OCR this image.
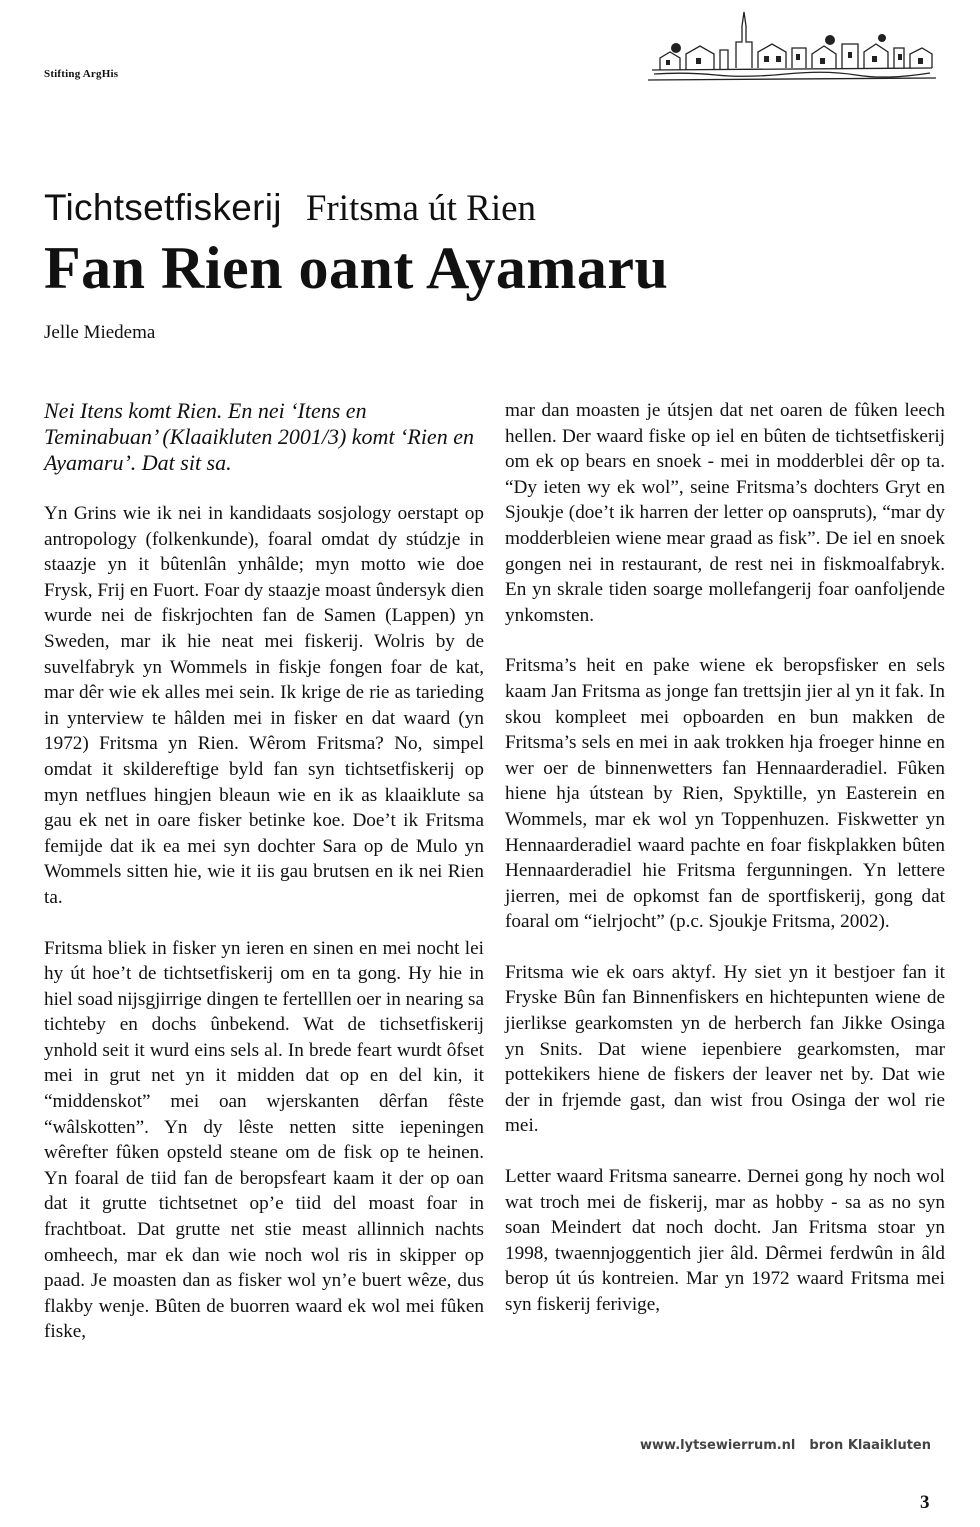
Stifting ArgHis
Tichtsetfiskerij Fritsma út Rien
Fan Rien oant Ayamaru
Jelle Miedema

Nei Itens komt Rien. En nei ‘Itens en Teminabuan’ (Klaaikluten 2001/3) komt ‘Rien en Ayamaru’. Dat sit sa.

Yn Grins wie ik nei in kandidaats sosjology oerstapt op antropology (folkenkunde), foaral omdat dy stúdzje in staazje yn it bûtenlân ynhâlde; myn motto wie doe Frysk, Frij en Fuort. Foar dy staazje moast ûndersyk dien wurde nei de fiskrjochten fan de Samen (Lappen) yn Sweden, mar ik hie neat mei fiskerij. Wolris by de suvelfabryk yn Wommels in fiskje fongen foar de kat, mar dêr wie ek alles mei sein. Ik krige de rie as tarieding in ynterview te hâlden mei in fisker en dat waard (yn 1972) Fritsma yn Rien. Wêrom Fritsma? No, simpel omdat it skildereftige byld fan syn tichtsetfiskerij op myn netflues hingjen bleaun wie en ik as klaaiklute sa gau ek net in oare fisker betinke koe. Doe’t ik Fritsma femijde dat ik ea mei syn dochter Sara op de Mulo yn Wommels sitten hie, wie it iis gau brutsen en ik nei Rien ta.

Fritsma bliek in fisker yn ieren en sinen en mei nocht lei hy út hoe’t de tichtsetfiskerij om en ta gong. Hy hie in hiel soad nijsgjirrige dingen te fertelllen oer in nearing sa tichteby en dochs ûnbekend. Wat de tichsetfiskerij ynhold seit it wurd eins sels al. In brede feart wurdt ôfset mei in grut net yn it midden dat op en del kin, it “middenskot” mei oan wjerskanten dêrfan fêste “wâlskotten”. Yn dy lêste netten sitte iepeningen wêrefter fûken opsteld steane om de fisk op te heinen. Yn foaral de tiid fan de beropsfeart kaam it der op oan dat it grutte tichtsetnet op’e tiid del moast foar in frachtboat. Dat grutte net stie meast allinnich nachts omheech, mar ek dan wie noch wol ris in skipper op paad. Je moasten dan as fisker wol yn’e buert wêze, dus flakby wenje. Bûten de buorren waard ek wol mei fûken fiske,

mar dan moasten je útsjen dat net oaren de fûken leech hellen. Der waard fiske op iel en bûten de tichtsetfiskerij om ek op bears en snoek - mei in modderblei dêr op ta. “Dy ieten wy ek wol”, seine Fritsma’s dochters Gryt en Sjoukje (doe’t ik harren der letter op oanspruts), “mar dy modderbleien wiene mear graad as fisk”. De iel en snoek gongen nei in restaurant, de rest nei in fiskmoalfabryk. En yn skrale tiden soarge mollefangerij foar oanfoljende ynkomsten.

Fritsma’s heit en pake wiene ek beropsfisker en sels kaam Jan Fritsma as jonge fan trettsjin jier al yn it fak. In skou kompleet mei opboarden en bun makken de Fritsma’s sels en mei in aak trokken hja froeger hinne en wer oer de binnenwetters fan Hennaarderadiel. Fûken hiene hja útstean by Rien, Spyktille, yn Easterein en Wommels, mar ek wol yn Toppenhuzen. Fiskwetter yn Hennaarderadiel waard pachte en foar fiskplakken bûten Hennaarderadiel hie Fritsma fergunningen. Yn lettere jierren, mei de opkomst fan de sportfiskerij, gong dat foaral om “ielrjocht” (p.c. Sjoukje Fritsma, 2002).

Fritsma wie ek oars aktyf. Hy siet yn it bestjoer fan it Fryske Bûn fan Binnenfiskers en hichtepunten wiene de jierlikse gearkomsten yn de herberch fan Jikke Osinga yn Snits. Dat wiene iepenbiere gearkomsten, mar pottekikers hiene de fiskers der leaver net by. Dat wie der in frjemde gast, dan wist frou Osinga der wol rie mei.

Letter waard Fritsma sanearre. Dernei gong hy noch wol wat troch mei de fiskerij, mar as hobby - sa as no syn soan Meindert dat noch docht. Jan Fritsma stoar yn 1998, twaennjoggentich jier âld. Dêrmei ferdwûn in âld berop út ús kontreien. Mar yn 1972 waard Fritsma mei syn fiskerij ferivige,

www.lytsewierrum.nl bron Klaaikluten
3
